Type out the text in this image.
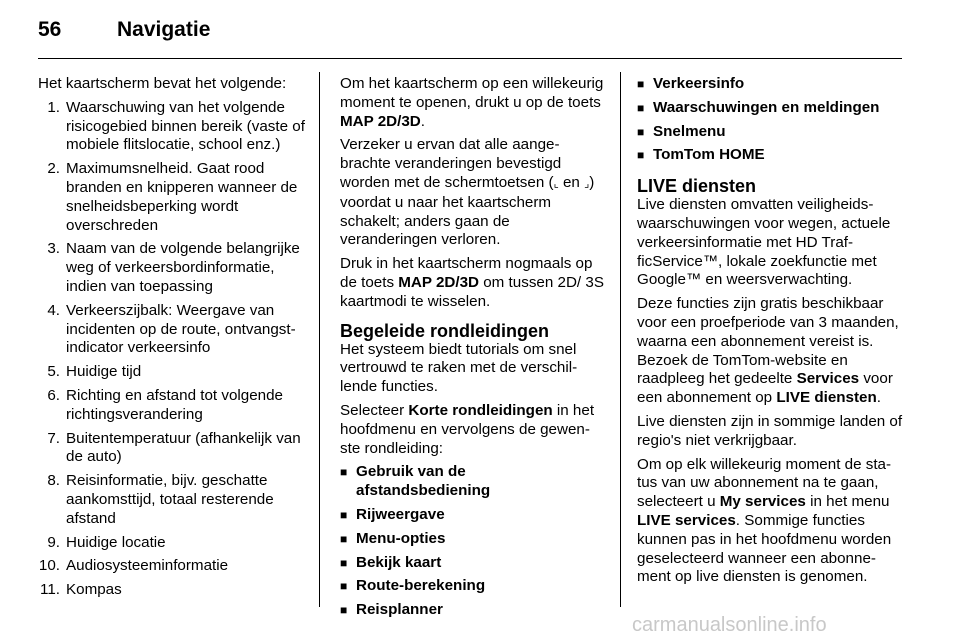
56	Navigatie

Het kaartscherm bevat het volgende:

1. Waarschuwing van het volgende risicogebied binnen bereik (vaste of mobiele flitslocatie, school enz.)
2. Maximumsnelheid. Gaat rood branden en knipperen wanneer de snelheidsbeperking wordt overschreden
3. Naam van de volgende belangrijke weg of verkeersbordinformatie, indien van toepassing
4. Verkeerszijbalk: Weergave van incidenten op de route, ontvangstindicator verkeersinfo
5. Huidige tijd
6. Richting en afstand tot volgende richtingsverandering
7. Buitentemperatuur (afhankelijk van de auto)
8. Reisinformatie, bijv. geschatte aankomsttijd, totaal resterende afstand
9. Huidige locatie
10. Audiosysteeminformatie
11. Kompas

Om het kaartscherm op een willekeurig moment te openen, drukt u op de toets MAP 2D/3D.

Verzeker u ervan dat alle aangebrachte veranderingen bevestigd worden met de schermtoetsen (⌞ en ⌟) voordat u naar het kaartscherm schakelt; anders gaan de veranderingen verloren.

Druk in het kaartscherm nogmaals op de toets MAP 2D/3D om tussen 2D/ 3S kaartmodi te wisselen.

Begeleide rondleidingen

Het systeem biedt tutorials om snel vertrouwd te raken met de verschillende functies.

Selecteer Korte rondleidingen in het hoofdmenu en vervolgens de gewenste rondleiding:

■ Gebruik van de afstandsbediening
■ Rijweergave
■ Menu-opties
■ Bekijk kaart
■ Route-berekening
■ Reisplanner
■ Verkeersinfo
■ Waarschuwingen en meldingen
■ Snelmenu
■ TomTom HOME
LIVE diensten

Live diensten omvatten veiligheidswaarschuwingen voor wegen, actuele verkeersinformatie met HD TrafficService™, lokale zoekfunctie met Google™ en weersverwachting.

Deze functies zijn gratis beschikbaar voor een proefperiode van 3 maanden, waarna een abonnement vereist is. Bezoek de TomTom-website en raadpleeg het gedeelte Services voor een abonnement op LIVE diensten.

Live diensten zijn in sommige landen of regio's niet verkrijgbaar.

Om op elk willekeurig moment de status van uw abonnement na te gaan, selecteert u My services in het menu LIVE services. Sommige functies kunnen pas in het hoofdmenu worden geselecteerd wanneer een abonnement op live diensten is genomen.

carmanualsonline.info
